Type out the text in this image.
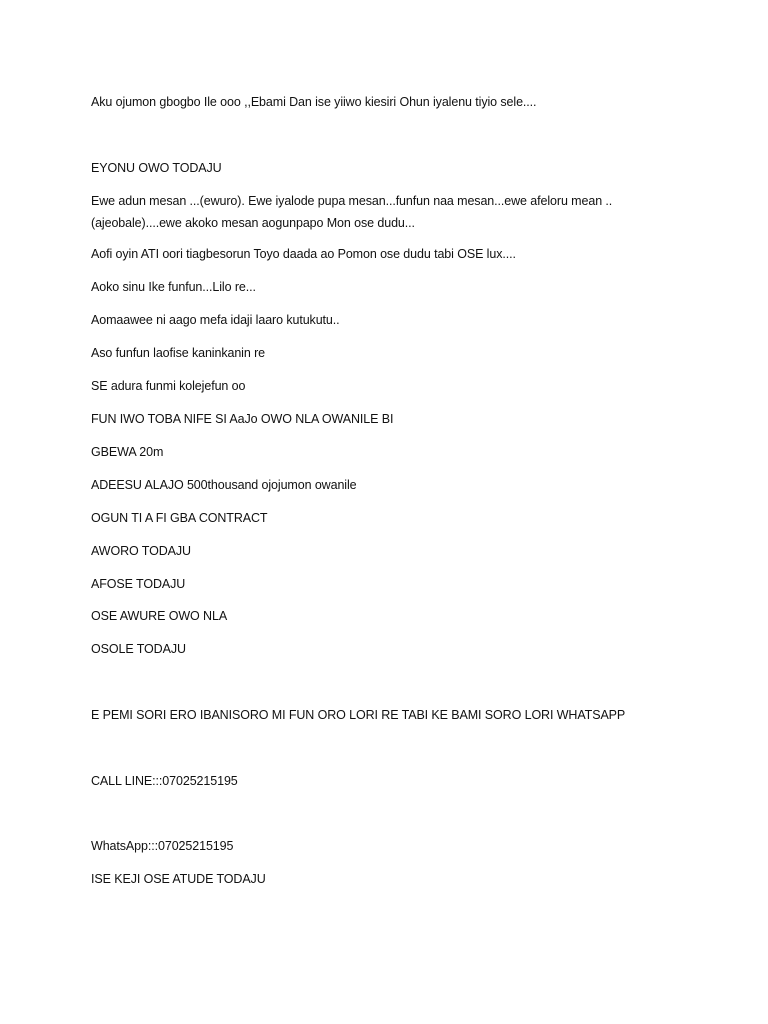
Aku ojumon gbogbo Ile ooo ,,Ebami Dan ise yiiwo kiesiri Ohun iyalenu tiyio sele....
EYONU OWO TODAJU
Ewe adun mesan ...(ewuro). Ewe iyalode pupa mesan...funfun naa mesan...ewe afeloru mean .. (ajeobale)....ewe akoko mesan aogunpapo Mon ose dudu...
Aofi oyin ATI oori tiagbesorun Toyo daada ao Pomon ose dudu tabi OSE lux....
Aoko sinu Ike funfun...Lilo re...
Aomaawee ni aago mefa idaji laaro kutukutu..
Aso funfun laofise kaninkanin re
SE adura funmi kolejefun oo
FUN IWO TOBA NIFE SI AaJo OWO NLA OWANILE BI
GBEWA 20m
ADEESU ALAJO 500thousand ojojumon owanile
OGUN TI A FI GBA CONTRACT
AWORO TODAJU
AFOSE TODAJU
OSE AWURE OWO NLA
OSOLE TODAJU
E PEMI SORI ERO IBANISORO MI FUN ORO LORI RE TABI KE BAMI SORO LORI WHATSAPP
CALL LINE:::07025215195
WhatsApp:::07025215195
ISE KEJI OSE ATUDE TODAJU
